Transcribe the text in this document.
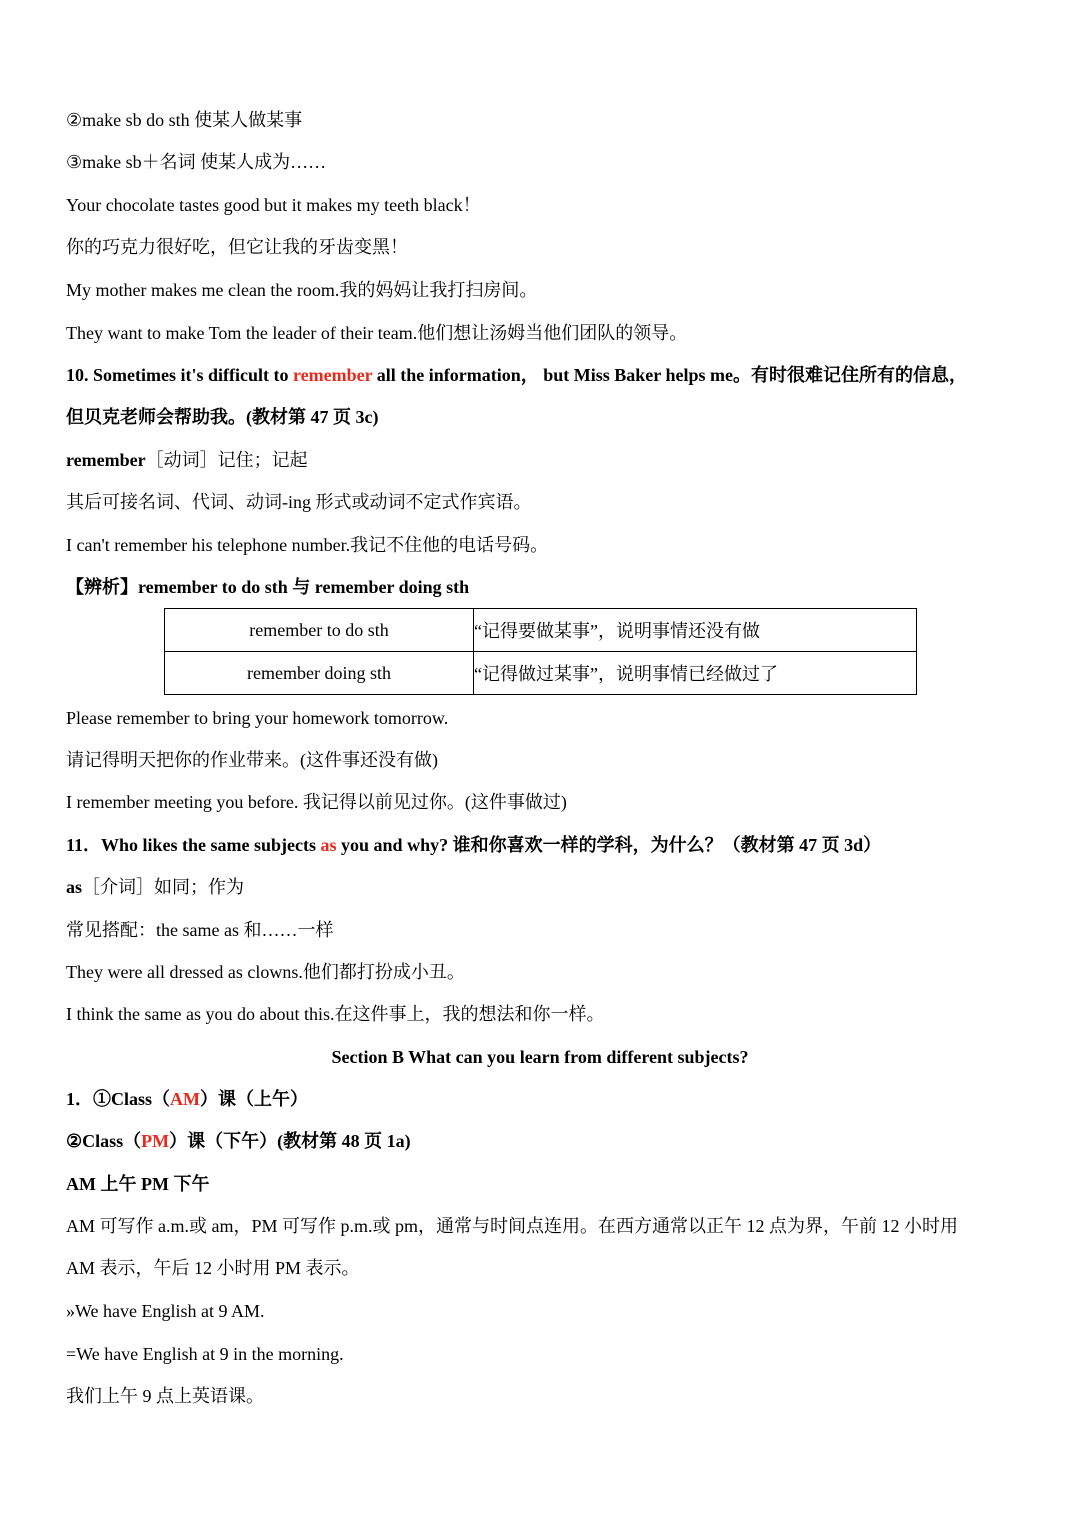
②make sb do sth 使某人做某事
③make sb＋名词 使某人成为……
Your chocolate tastes good but it makes my teeth black！
你的巧克力很好吃，但它让我的牙齿变黑！
My mother makes me clean the room.我的妈妈让我打扫房间。
They want to make Tom the leader of their team.他们想让汤姆当他们团队的领导。
10. Sometimes it's difficult to remember all the information， but Miss Baker helps me。有时很难记住所有的信息，
但贝克老师会帮助我。(教材第 47 页 3c)
remember［动词］记住；记起
其后可接名词、代词、动词-ing 形式或动词不定式作宾语。
I can't remember his telephone number.我记不住他的电话号码。
【辨析】remember to do sth 与 remember doing sth
remember to do sth	“记得要做某事”，说明事情还没有做
remember doing sth	“记得做过某事”，说明事情已经做过了
Please remember to bring your homework tomorrow.
请记得明天把你的作业带来。(这件事还没有做)
I remember meeting you before. 我记得以前见过你。(这件事做过)
11．Who likes the same subjects as you and why? 谁和你喜欢一样的学科，为什么？（教材第 47 页 3d）
as［介词］如同；作为
常见搭配：the same as 和……一样
They were all dressed as clowns.他们都打扮成小丑。
I think the same as you do about this.在这件事上，我的想法和你一样。
Section B What can you learn from different subjects?
1．①Class（AM）课（上午）
②Class（PM）课（下午）(教材第 48 页 1a)
AM 上午 PM 下午
AM 可写作 a.m.或 am，PM 可写作 p.m.或 pm，通常与时间点连用。在西方通常以正午 12 点为界，午前 12 小时用
AM 表示，午后 12 小时用 PM 表示。
»We have English at 9 AM.
=We have English at 9 in the morning.
我们上午 9 点上英语课。
